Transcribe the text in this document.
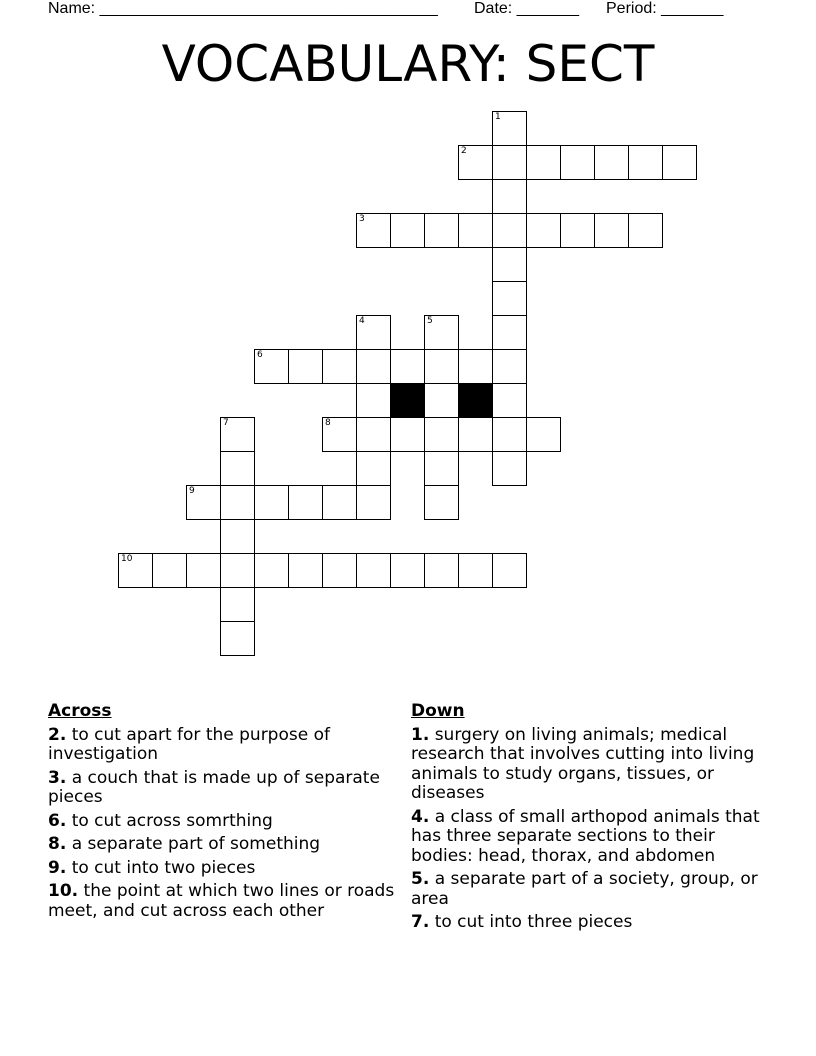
Name: ______________________________________ Date: _______ Period: _______
VOCABULARY: SECT
2
3
6
8
9
10
1
4	5
7
Across
2. to cut apart for the purpose of investigation
3. a couch that is made up of separate pieces
6. to cut across somrthing
8. a separate part of something
9. to cut into two pieces
10. the point at which two lines or roads meet, and cut across each other
Down
1. surgery on living animals; medical research that involves cutting into living animals to study organs, tissues, or diseases
4. a class of small arthopod animals that has three separate sections to their bodies: head, thorax, and abdomen
5. a separate part of a society, group, or area
7. to cut into three pieces
